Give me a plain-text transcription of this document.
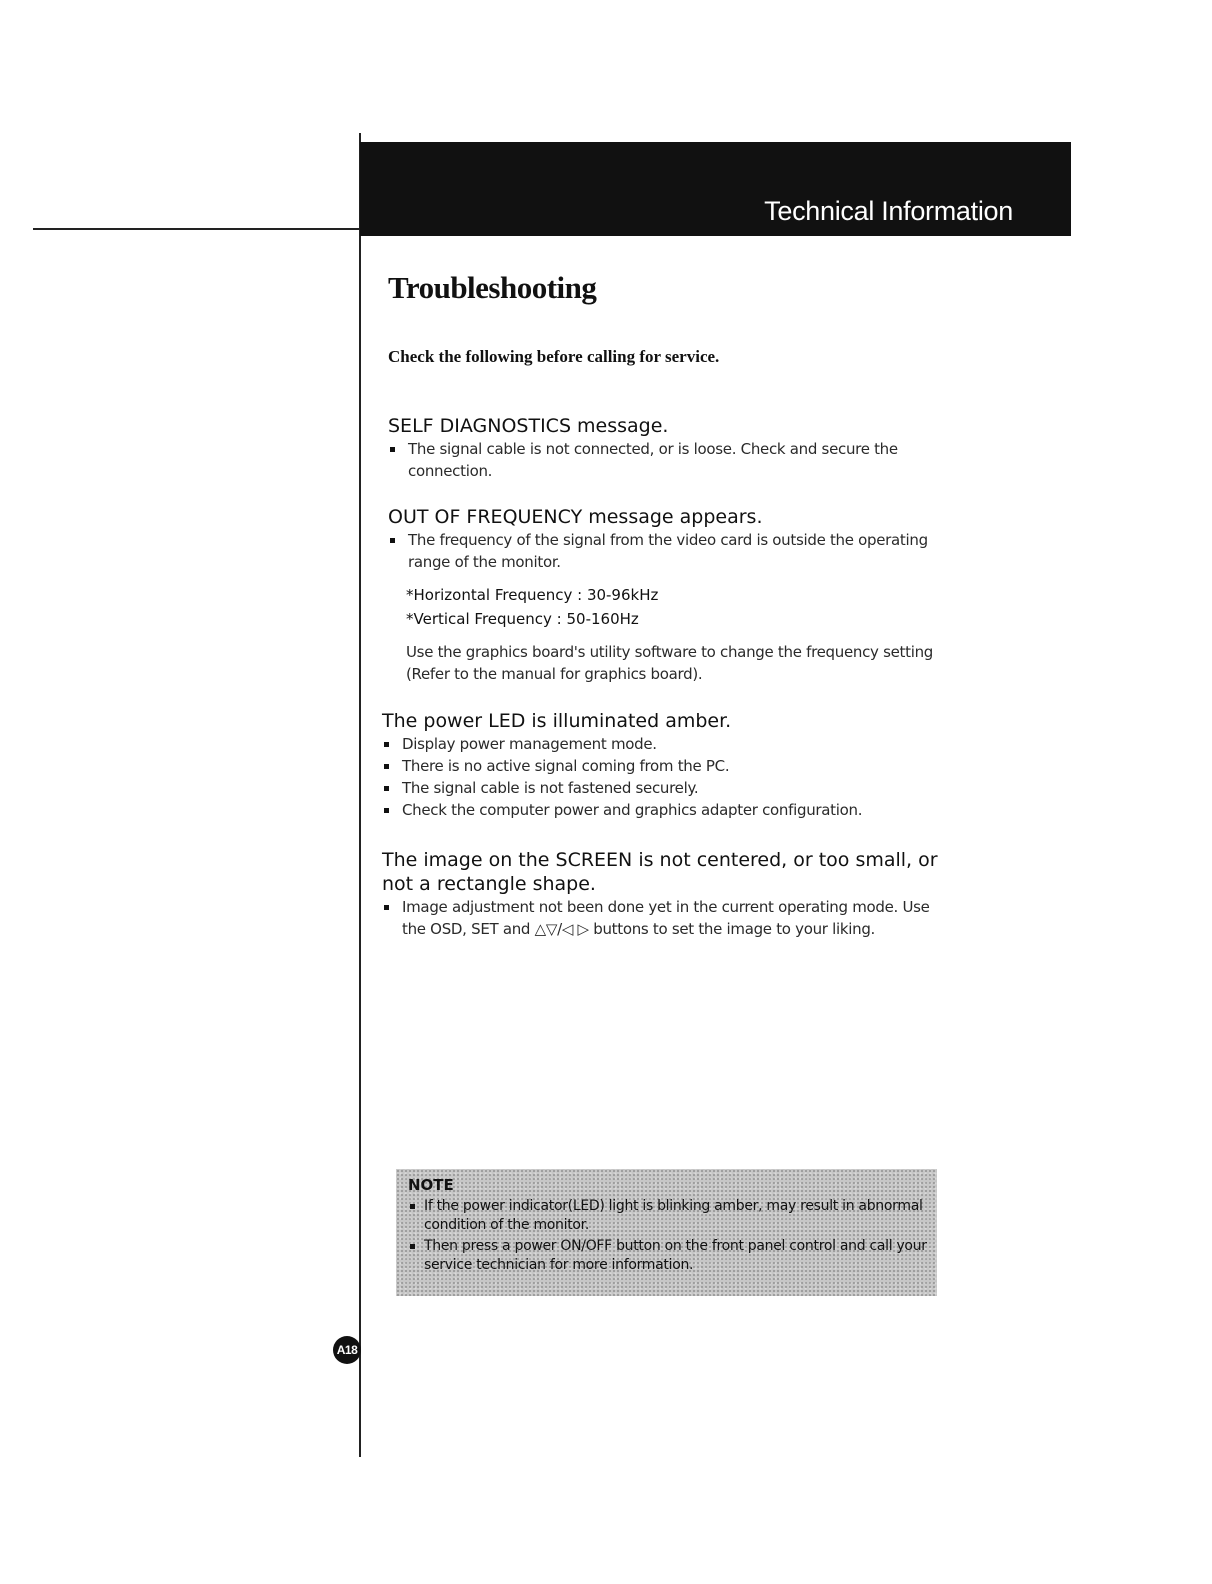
Technical Information
Troubleshooting
Check the following before calling for service.
SELF DIAGNOSTICS message.
The signal cable is not connected, or is loose. Check and secure the connection.
OUT OF FREQUENCY message appears.
The frequency of the signal from the video card is outside the operating range of the monitor.
*Horizontal Frequency : 30-96kHz
*Vertical Frequency : 50-160Hz
Use the graphics board's utility software to change the frequency setting (Refer to the manual for graphics board).
The power LED is illuminated amber.
Display power management mode.
There is no active signal coming from the PC.
The signal cable is not fastened securely.
Check the computer power and graphics adapter configuration.
The image on the SCREEN is not centered, or too small, or not a rectangle shape.
Image adjustment not been done yet in the current operating mode. Use the OSD, SET and △▽/◁ ▷ buttons to set the image to your liking.
NOTE
If the power indicator(LED) light is blinking amber, may result in abnormal condition of the monitor.
Then press a power ON/OFF button on the front panel control and call your service technician for more information.
A18
